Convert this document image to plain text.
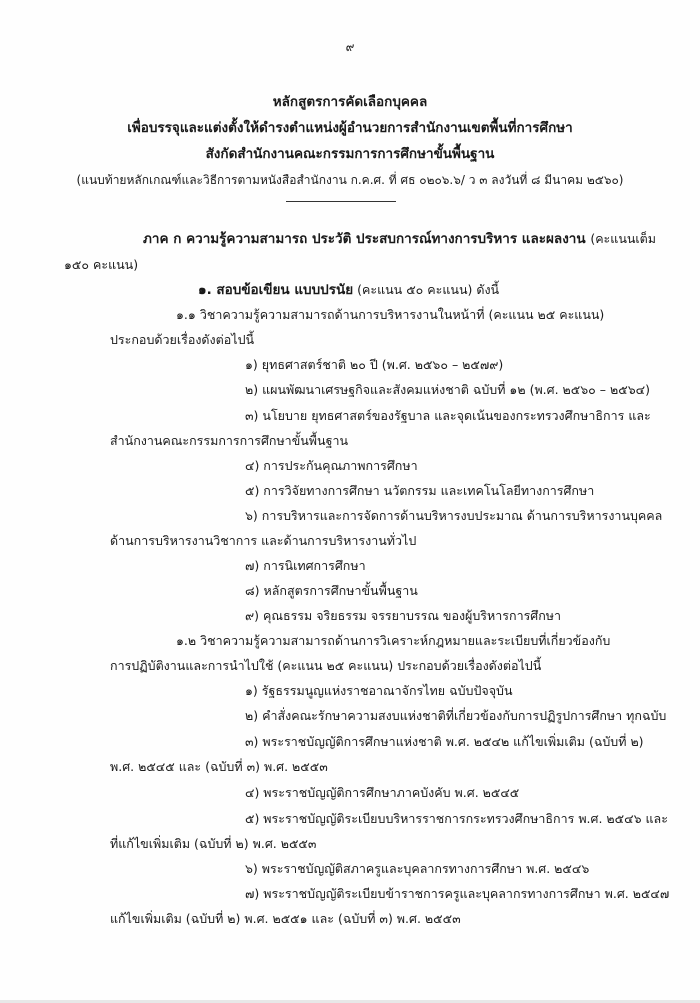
๙
หลักสูตรการคัดเลือกบุคคล
เพื่อบรรจุและแต่งตั้งให้ดำรงตำแหน่งผู้อำนวยการสำนักงานเขตพื้นที่การศึกษา
สังกัดสำนักงานคณะกรรมการการศึกษาขั้นพื้นฐาน
(แนบท้ายหลักเกณฑ์และวิธีการตามหนังสือสำนักงาน ก.ค.ศ. ที่ ศธ ๐๒๐๖.๖/ ว ๓ ลงวันที่ ๘ มีนาคม ๒๕๖๐)
ภาค ก ความรู้ความสามารถ ประวัติ ประสบการณ์ทางการบริหาร และผลงาน (คะแนนเต็ม
๑๕๐ คะแนน)
๑. สอบข้อเขียน แบบปรนัย (คะแนน ๕๐ คะแนน) ดังนี้
๑.๑ วิชาความรู้ความสามารถด้านการบริหารงานในหน้าที่ (คะแนน ๒๕ คะแนน)
ประกอบด้วยเรื่องดังต่อไปนี้
๑) ยุทธศาสตร์ชาติ ๒๐ ปี (พ.ศ. ๒๕๖๐ – ๒๕๗๙)
๒) แผนพัฒนาเศรษฐกิจและสังคมแห่งชาติ ฉบับที่ ๑๒ (พ.ศ. ๒๕๖๐ – ๒๕๖๔)
๓) นโยบาย ยุทธศาสตร์ของรัฐบาล และจุดเน้นของกระทรวงศึกษาธิการ และ
สำนักงานคณะกรรมการการศึกษาขั้นพื้นฐาน
๔) การประกันคุณภาพการศึกษา
๕) การวิจัยทางการศึกษา นวัตกรรม และเทคโนโลยีทางการศึกษา
๖) การบริหารและการจัดการด้านบริหารงบประมาณ ด้านการบริหารงานบุคคล
ด้านการบริหารงานวิชาการ และด้านการบริหารงานทั่วไป
๗) การนิเทศการศึกษา
๘) หลักสูตรการศึกษาขั้นพื้นฐาน
๙) คุณธรรม จริยธรรม จรรยาบรรณ ของผู้บริหารการศึกษา
๑.๒ วิชาความรู้ความสามารถด้านการวิเคราะห์กฎหมายและระเบียบที่เกี่ยวข้องกับ
การปฏิบัติงานและการนำไปใช้ (คะแนน ๒๕ คะแนน) ประกอบด้วยเรื่องดังต่อไปนี้
๑) รัฐธรรมนูญแห่งราชอาณาจักรไทย ฉบับปัจจุบัน
๒) คำสั่งคณะรักษาความสงบแห่งชาติที่เกี่ยวข้องกับการปฏิรูปการศึกษา ทุกฉบับ
๓) พระราชบัญญัติการศึกษาแห่งชาติ พ.ศ. ๒๕๔๒ แก้ไขเพิ่มเติม (ฉบับที่ ๒)
พ.ศ. ๒๕๔๕ และ (ฉบับที่ ๓) พ.ศ. ๒๕๕๓
๔) พระราชบัญญัติการศึกษาภาคบังคับ พ.ศ. ๒๕๔๕
๕) พระราชบัญญัติระเบียบบริหารราชการกระทรวงศึกษาธิการ พ.ศ. ๒๕๔๖ และ
ที่แก้ไขเพิ่มเติม (ฉบับที่ ๒) พ.ศ. ๒๕๕๓
๖) พระราชบัญญัติสภาครูและบุคลากรทางการศึกษา พ.ศ. ๒๕๔๖
๗) พระราชบัญญัติระเบียบข้าราชการครูและบุคลากรทางการศึกษา พ.ศ. ๒๕๔๗
แก้ไขเพิ่มเติม (ฉบับที่ ๒) พ.ศ. ๒๕๕๑ และ (ฉบับที่ ๓) พ.ศ. ๒๕๕๓
